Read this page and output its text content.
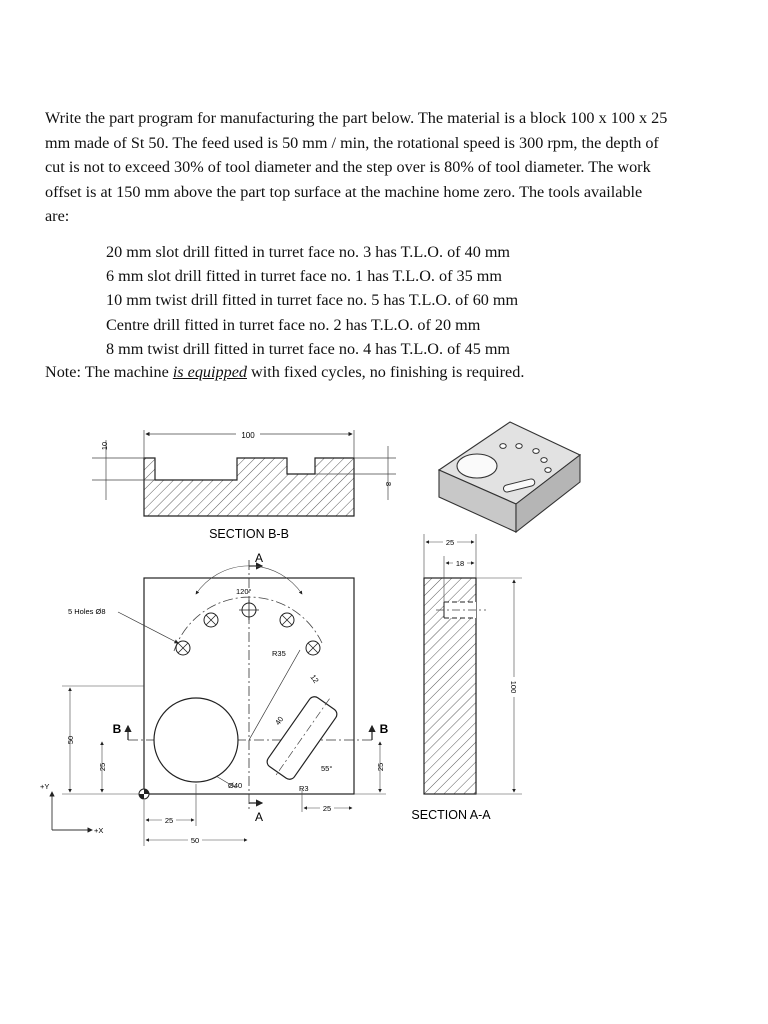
Write the part program for manufacturing the part below. The material is a block 100 x 100 x 25
mm made of St 50. The feed used is 50 mm / min, the rotational speed is 300 rpm, the depth of
cut is not to exceed 30% of tool diameter and the step over is 80% of tool diameter. The work
offset is at 150 mm above the part top surface at the machine home zero. The tools available
are:
20 mm slot drill fitted in turret face no. 3 has T.L.O. of 40 mm
6 mm slot drill fitted in turret face no. 1 has T.L.O. of 35 mm
10 mm twist drill fitted in turret face no. 5 has T.L.O. of 60 mm
Centre drill fitted in turret face no. 2 has T.L.O. of 20 mm
8 mm twist drill fitted in turret face no. 4 has T.L.O. of 45 mm
Note: The machine is equipped with fixed cycles, no finishing is required.
100
10
8
SECTION B-B
A
A
B	B
120°
5 Holes Ø8
R35
Ø40
12
40
55°
R3
50
25	25
25
50
25
+Y
+X
25
18
100
SECTION A-A
